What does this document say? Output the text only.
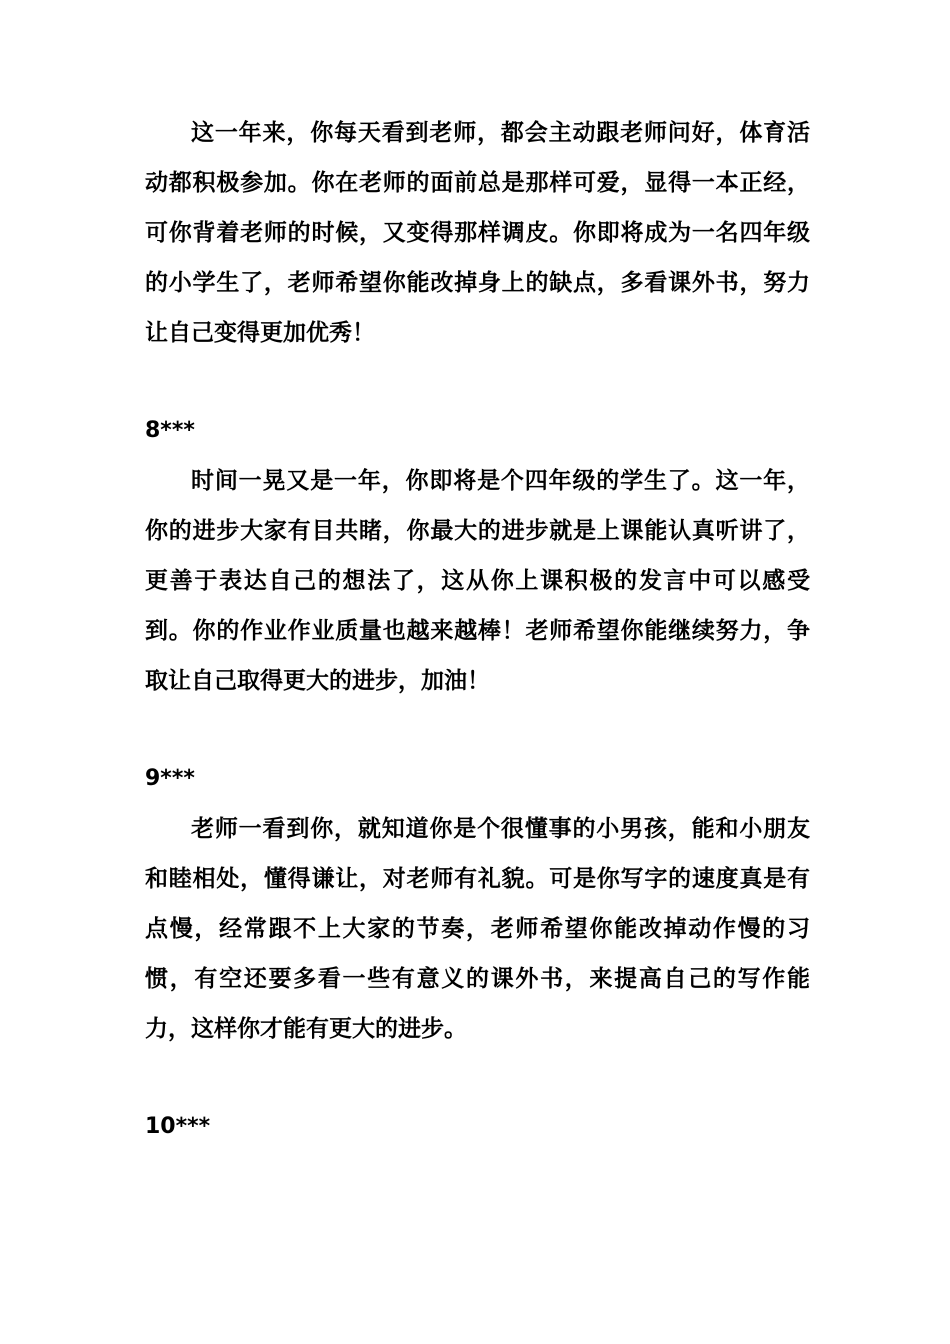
这一年来，你每天看到老师，都会主动跟老师问好，体育活动都积极参加。你在老师的面前总是那样可爱，显得一本正经，可你背着老师的时候，又变得那样调皮。你即将成为一名四年级的小学生了，老师希望你能改掉身上的缺点，多看课外书，努力让自己变得更加优秀！

8***

时间一晃又是一年，你即将是个四年级的学生了。这一年，你的进步大家有目共睹，你最大的进步就是上课能认真听讲了，更善于表达自己的想法了，这从你上课积极的发言中可以感受到。你的作业作业质量也越来越棒！老师希望你能继续努力，争取让自己取得更大的进步，加油！

9***

老师一看到你，就知道你是个很懂事的小男孩，能和小朋友和睦相处，懂得谦让，对老师有礼貌。可是你写字的速度真是有点慢，经常跟不上大家的节奏，老师希望你能改掉动作慢的习惯，有空还要多看一些有意义的课外书，来提高自己的写作能力，这样你才能有更大的进步。

10***
